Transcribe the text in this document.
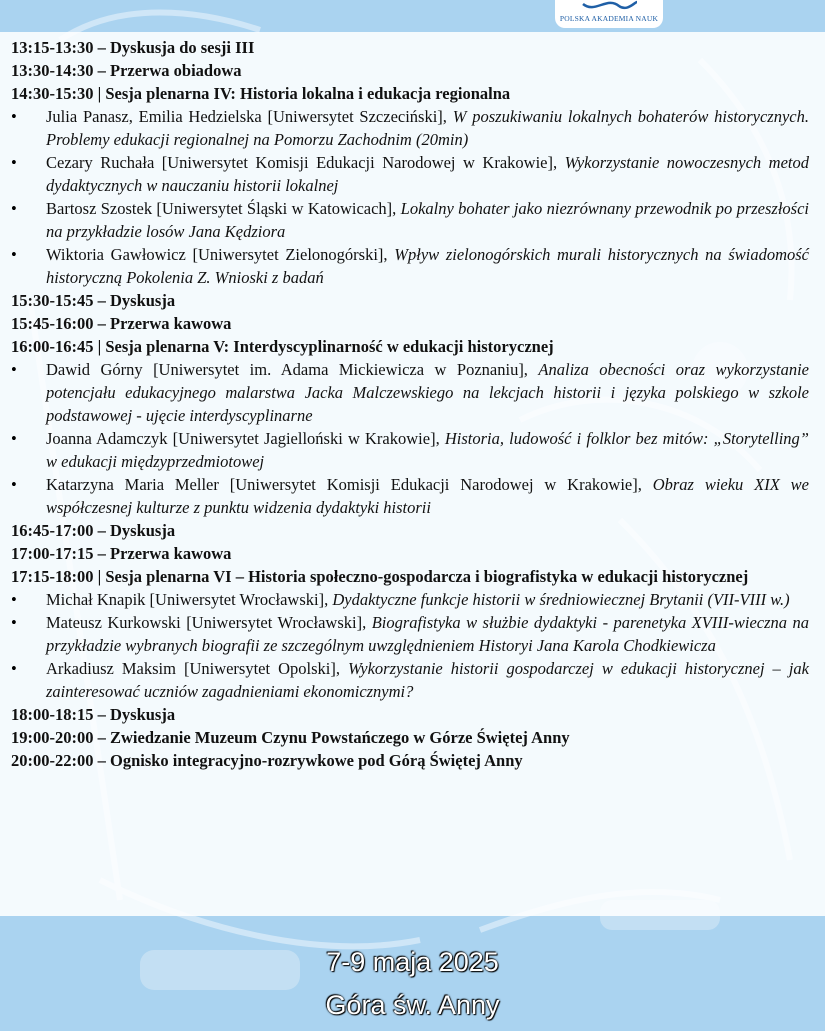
POLSKA AKADEMIA NAUK

13:15-13:30 – Dyskusja do sesji III

13:30-14:30 – Przerwa obiadowa

14:30-15:30 | Sesja plenarna IV: Historia lokalna i edukacja regionalna

• Julia Panasz, Emilia Hedzielska [Uniwersytet Szczeciński], W poszukiwaniu lokalnych bohaterów historycznych. Problemy edukacji regionalnej na Pomorzu Zachodnim (20min)

• Cezary Ruchała [Uniwersytet Komisji Edukacji Narodowej w Krakowie], Wykorzystanie nowoczesnych metod dydaktycznych w nauczaniu historii lokalnej

• Bartosz Szostek [Uniwersytet Śląski w Katowicach], Lokalny bohater jako niezrównany przewodnik po przeszłości na przykładzie losów Jana Kędziora

• Wiktoria Gawłowicz [Uniwersytet Zielonogórski], Wpływ zielonogórskich murali historycznych na świadomość historyczną Pokolenia Z. Wnioski z badań

15:30-15:45 – Dyskusja

15:45-16:00 – Przerwa kawowa

16:00-16:45 | Sesja plenarna V: Interdyscyplinarność w edukacji historycznej

• Dawid Górny [Uniwersytet im. Adama Mickiewicza w Poznaniu], Analiza obecności oraz wykorzystanie potencjału edukacyjnego malarstwa Jacka Malczewskiego na lekcjach historii i języka polskiego w szkole podstawowej - ujęcie interdyscyplinarne

• Joanna Adamczyk [Uniwersytet Jagielloński w Krakowie], Historia, ludowość i folklor bez mitów: „Storytelling” w edukacji międzyprzedmiotowej

• Katarzyna Maria Meller [Uniwersytet Komisji Edukacji Narodowej w Krakowie], Obraz wieku XIX we współczesnej kulturze z punktu widzenia dydaktyki historii

16:45-17:00 – Dyskusja

17:00-17:15 – Przerwa kawowa

17:15-18:00 | Sesja plenarna VI – Historia społeczno-gospodarcza i biografistyka w edukacji historycznej

• Michał Knapik [Uniwersytet Wrocławski], Dydaktyczne funkcje historii w średniowiecznej Brytanii (VII-VIII w.)

• Mateusz Kurkowski [Uniwersytet Wrocławski], Biografistyka w służbie dydaktyki - parenetyka XVIII-wieczna na przykładzie wybranych biografii ze szczególnym uwzględnieniem Historyi Jana Karola Chodkiewicza

• Arkadiusz Maksim [Uniwersytet Opolski], Wykorzystanie historii gospodarczej w edukacji historycznej – jak zainteresować uczniów zagadnieniami ekonomicznymi?

18:00-18:15 – Dyskusja

19:00-20:00 – Zwiedzanie Muzeum Czynu Powstańczego w Górze Świętej Anny

20:00-22:00 – Ognisko integracyjno-rozrywkowe pod Górą Świętej Anny

7-9 maja 2025
Góra św. Anny
